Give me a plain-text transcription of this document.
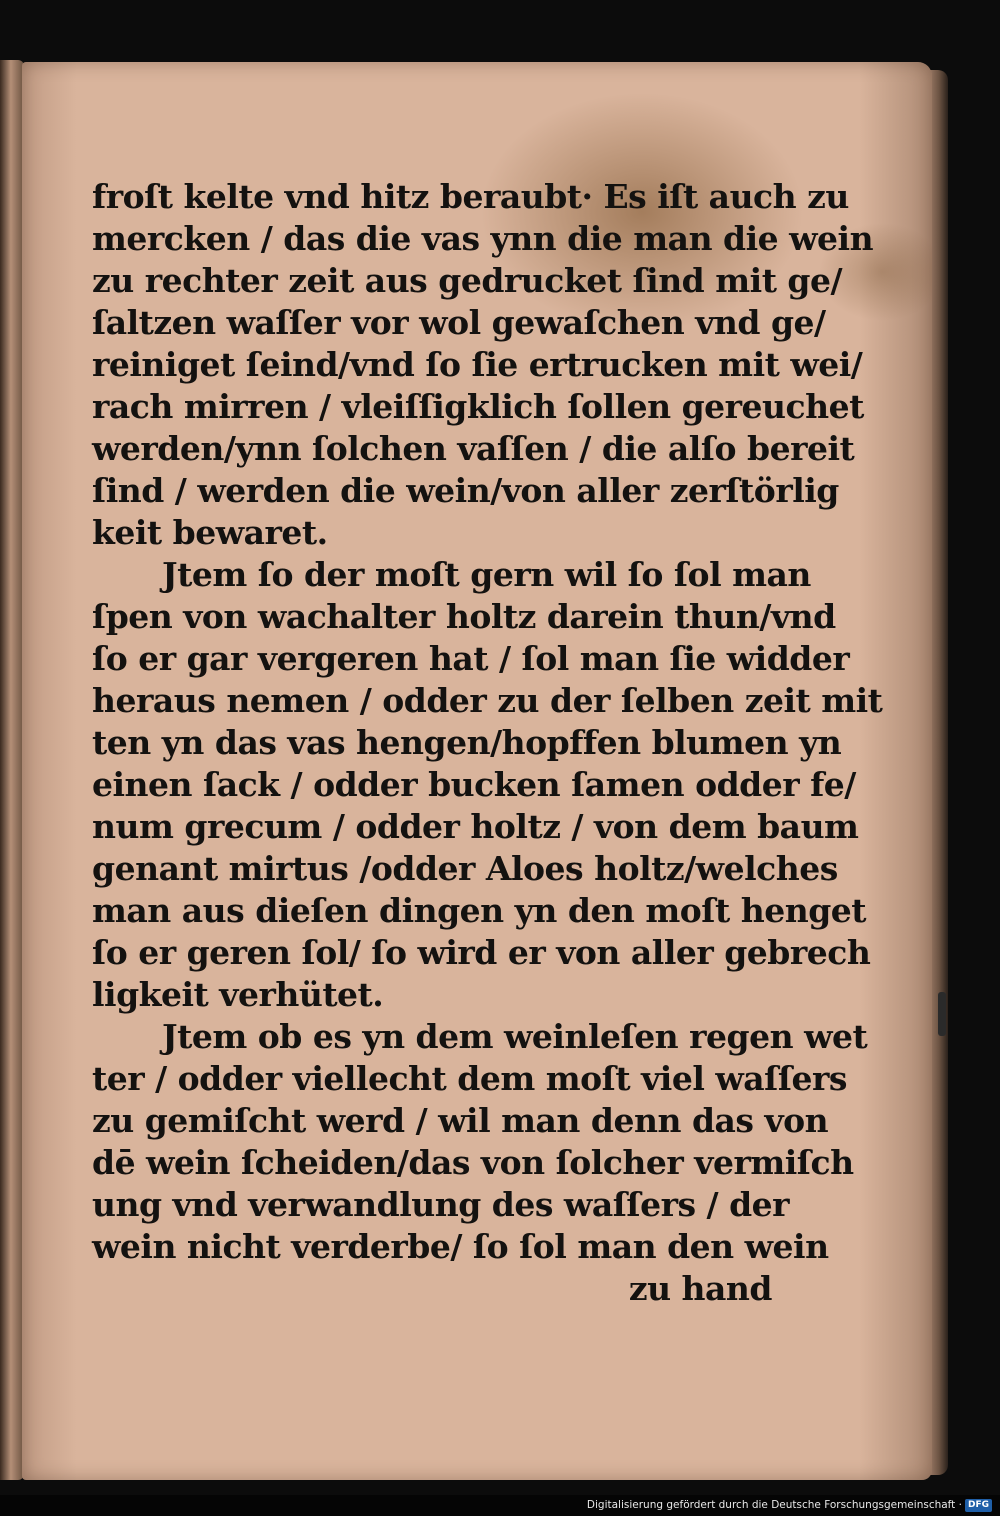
froſt kelte vnd hitz beraubt· Es iſt auch zu
mercken / das die vas ynn die man die wein
zu rechter zeit aus gedrucket ſind mit ge/
ſaltzen waſſer vor wol gewaſchen vnd ge/
reiniget ſeind/vnd ſo ſie ertrucken mit wei/
rach mirren / vleiſſigklich ſollen gereuchet
werden/ynn ſolchen vaſſen / die alſo bereit
ſind / werden die wein/von aller zerſtörlig
keit bewaret.
Jtem ſo der moſt gern wil ſo ſol man
ſpen von wachalter holtz darein thun/vnd
ſo er gar vergeren hat / ſol man ſie widder
heraus nemen / odder zu der ſelben zeit mit
ten yn das vas hengen/hopffen blumen yn
einen ſack / odder bucken ſamen odder fe/
num grecum / odder holtz / von dem baum
genant mirtus /odder Aloes holtz/welches
man aus dieſen dingen yn den moſt henget
ſo er geren ſol/ ſo wird er von aller gebrech
ligkeit verhütet.
Jtem ob es yn dem weinleſen regen wet
ter / odder viellecht dem moſt viel waſſers
zu gemiſcht werd / wil man denn das von
dē wein ſcheiden/das von ſolcher vermiſch
ung vnd verwandlung des waſſers / der
wein nicht verderbe/ ſo ſol man den wein
zu hand
Digitalisierung gefördert durch die Deutsche Forschungsgemeinschaft · DFG
